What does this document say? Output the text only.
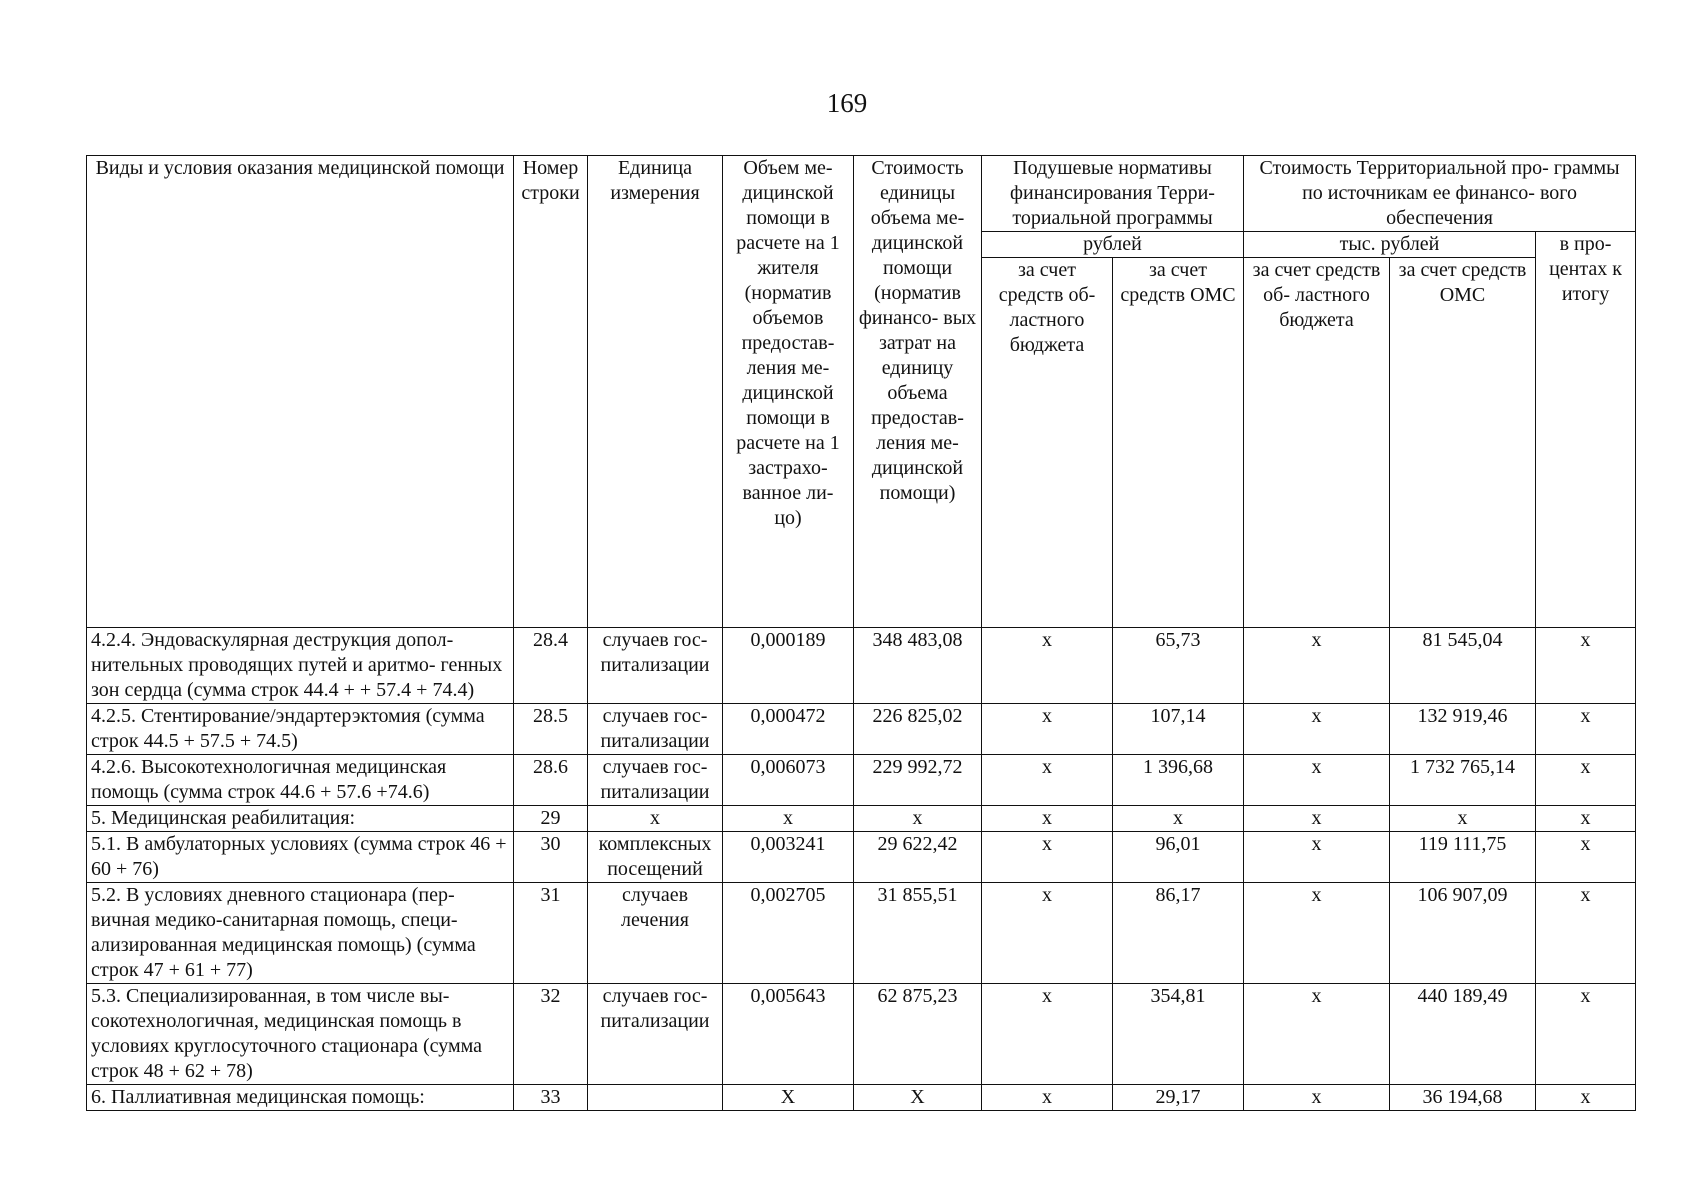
169
Виды и условия оказания медицинской помощи	Номер строки	Единица измерения	Объем ме- дицинской помощи в расчете на 1 жителя (норматив объемов предостав- ления ме- дицинской помощи в расчете на 1 застрахо- ванное ли- цо)	Стоимость единицы объема ме- дицинской помощи (норматив финансо- вых затрат на единицу объема предостав- ления ме- дицинской помощи)	Подушевые нормативы финансирования Терри- ториальной программы		Стоимость Территориальной про- граммы по источникам ее финансо- вого обеспечения		
					рублей		тыс. рублей		в про- центах к итогу
					за счет средств об- ластного бюджета	за счет средств ОМС	за счет средств об- ластного бюджета	за счет средств ОМС	
4.2.4. Эндоваскулярная деструкция допол- нительных проводящих путей и аритмо- генных зон сердца (сумма строк 44.4 + + 57.4 + 74.4)	28.4	случаев гос- питализации	0,000189	348 483,08	х	65,73	х	81 545,04	х
4.2.5. Стентирование/эндартерэктомия (сумма строк 44.5 + 57.5 + 74.5)	28.5	случаев гос- питализации	0,000472	226 825,02	х	107,14	х	132 919,46	х
4.2.6. Высокотехнологичная медицинская помощь (сумма строк 44.6 + 57.6 +74.6)	28.6	случаев гос- питализации	0,006073	229 992,72	х	1 396,68	х	1 732 765,14	х
5. Медицинская реабилитация:	29	х	х	х	х	х	х	х	х
5.1. В амбулаторных условиях (сумма строк 46 + 60 + 76)	30	комплексных посещений	0,003241	29 622,42	х	96,01	х	119 111,75	х
5.2. В условиях дневного стационара (пер- вичная медико-санитарная помощь, специ- ализированная медицинская помощь) (сумма строк 47 + 61 + 77)	31	случаев лечения	0,002705	31 855,51	х	86,17	х	106 907,09	х
5.3. Специализированная, в том числе вы- сокотехнологичная, медицинская помощь в условиях круглосуточного стационара (сумма строк 48 + 62 + 78)	32	случаев гос- питализации	0,005643	62 875,23	х	354,81	х	440 189,49	х
6. Паллиативная медицинская помощь:	33		Х	Х	х	29,17	х	36 194,68	х
